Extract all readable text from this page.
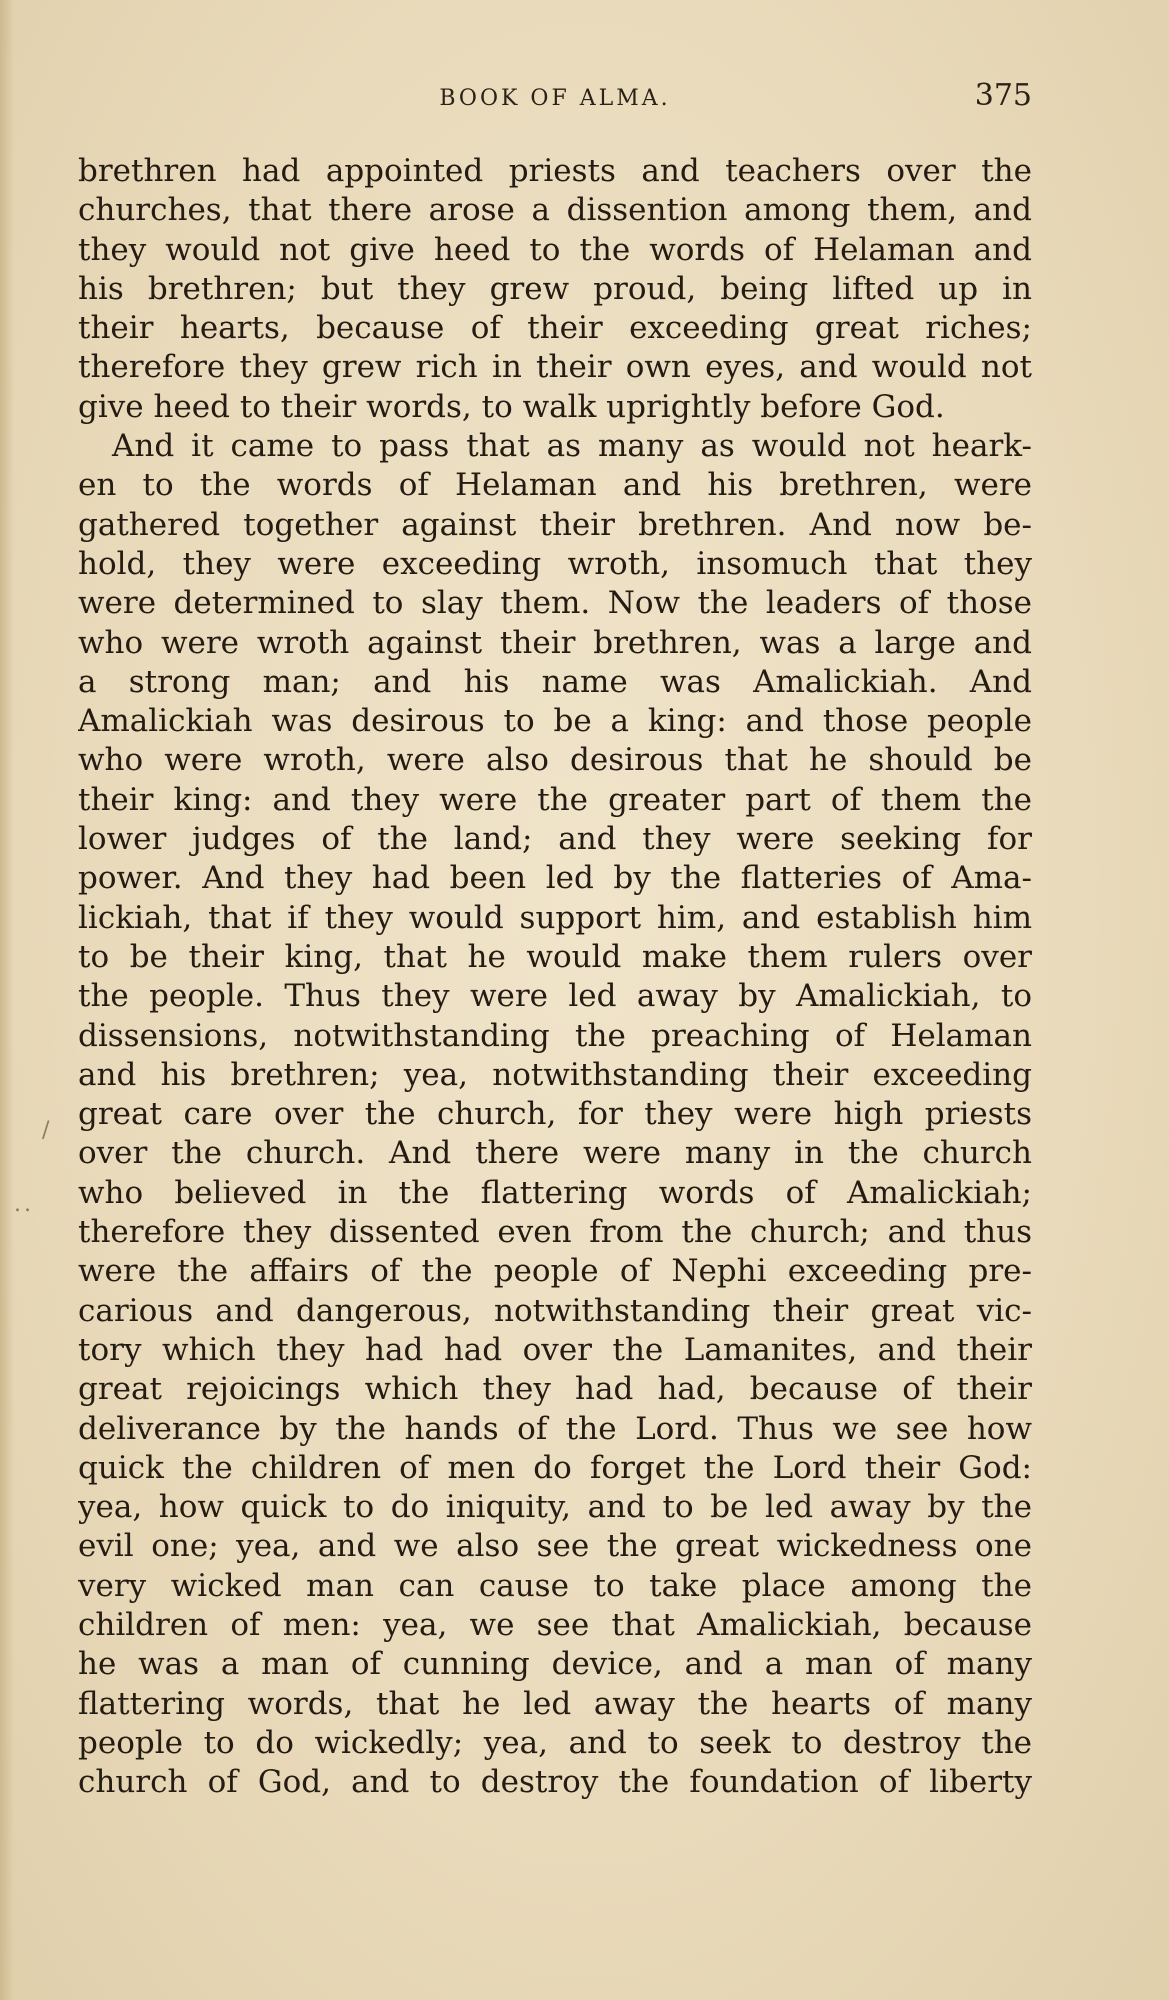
BOOK OF ALMA.	375
/
..
brethren had appointed priests and teachers over the
churches, that there arose a dissention among them, and
they would not give heed to the words of Helaman and
his brethren; but they grew proud, being lifted up in
their hearts, because of their exceeding great riches;
therefore they grew rich in their own eyes, and would not
give heed to their words, to walk uprightly before God.
And it came to pass that as many as would not heark-
en to the words of Helaman and his brethren, were
gathered together against their brethren. And now be-
hold, they were exceeding wroth, insomuch that they
were determined to slay them. Now the leaders of those
who were wroth against their brethren, was a large and
a strong man; and his name was Amalickiah. And
Amalickiah was desirous to be a king: and those people
who were wroth, were also desirous that he should be
their king: and they were the greater part of them the
lower judges of the land; and they were seeking for
power. And they had been led by the flatteries of Ama-
lickiah, that if they would support him, and establish him
to be their king, that he would make them rulers over
the people. Thus they were led away by Amalickiah, to
dissensions, notwithstanding the preaching of Helaman
and his brethren; yea, notwithstanding their exceeding
great care over the church, for they were high priests
over the church. And there were many in the church
who believed in the flattering words of Amalickiah;
therefore they dissented even from the church; and thus
were the affairs of the people of Nephi exceeding pre-
carious and dangerous, notwithstanding their great vic-
tory which they had had over the Lamanites, and their
great rejoicings which they had had, because of their
deliverance by the hands of the Lord. Thus we see how
quick the children of men do forget the Lord their God:
yea, how quick to do iniquity, and to be led away by the
evil one; yea, and we also see the great wickedness one
very wicked man can cause to take place among the
children of men: yea, we see that Amalickiah, because
he was a man of cunning device, and a man of many
flattering words, that he led away the hearts of many
people to do wickedly; yea, and to seek to destroy the
church of God, and to destroy the foundation of liberty
